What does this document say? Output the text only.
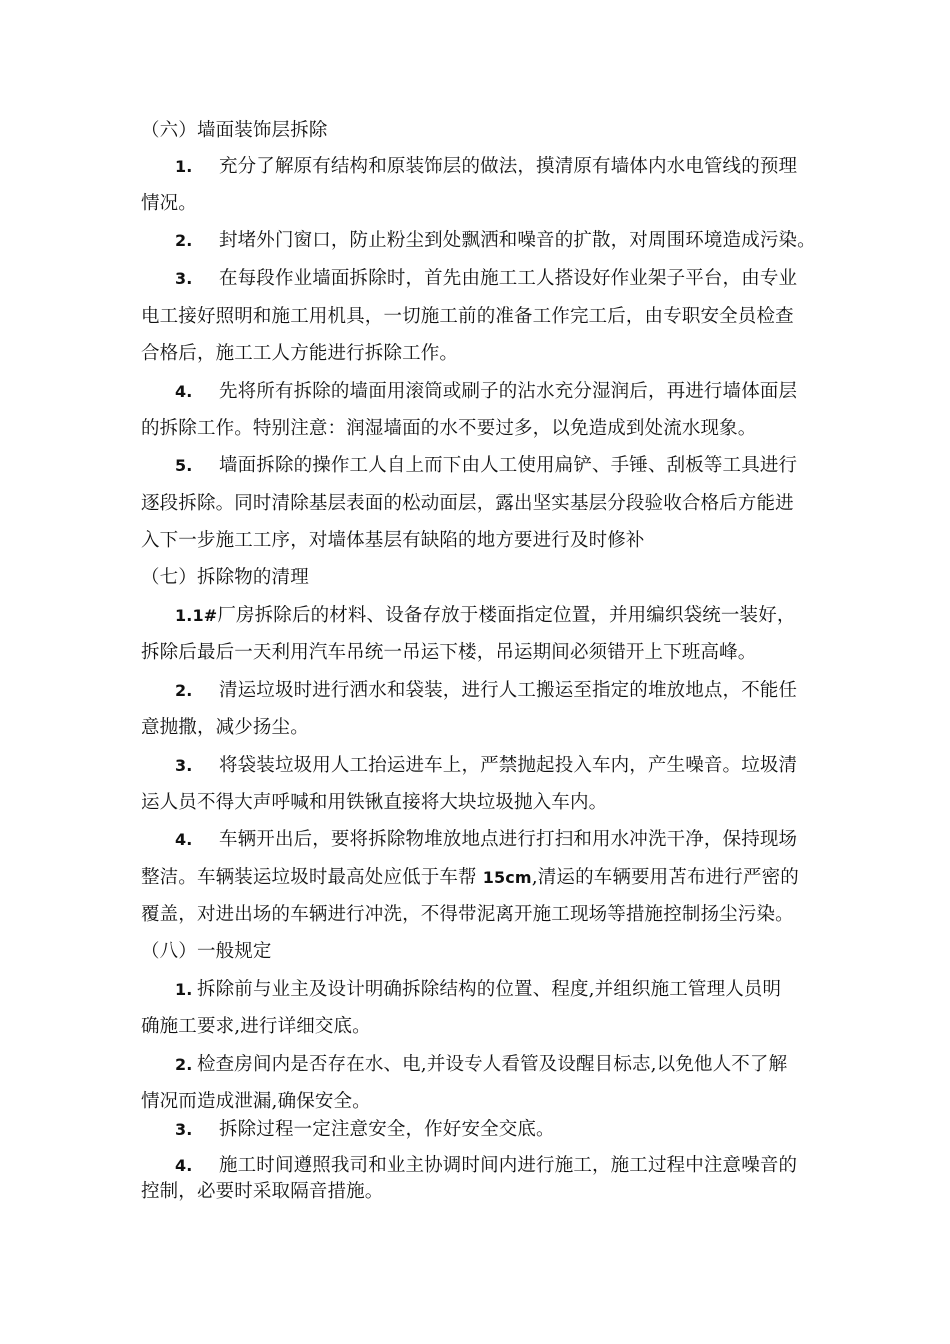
（六）墙面装饰层拆除
1. 充分了解原有结构和原装饰层的做法，摸清原有墙体内水电管线的预理
情况。
2. 封堵外门窗口，防止粉尘到处飘洒和噪音的扩散，对周围环境造成污染。
3. 在每段作业墙面拆除时，首先由施工工人搭设好作业架子平台，由专业
电工接好照明和施工用机具，一切施工前的准备工作完工后，由专职安全员检查
合格后，施工工人方能进行拆除工作。
4. 先将所有拆除的墙面用滚筒或刷子的沾水充分湿润后，再进行墙体面层
的拆除工作。特别注意：润湿墙面的水不要过多，以免造成到处流水现象。
5. 墙面拆除的操作工人自上而下由人工使用扁铲、手锤、刮板等工具进行
逐段拆除。同时清除基层表面的松动面层，露出坚实基层分段验收合格后方能进
入下一步施工工序，对墙体基层有缺陷的地方要进行及时修补
（七）拆除物的清理
1.1#厂房拆除后的材料、设备存放于楼面指定位置，并用编织袋统一装好，
拆除后最后一天利用汽车吊统一吊运下楼，吊运期间必须错开上下班高峰。
2. 清运垃圾时进行洒水和袋装，进行人工搬运至指定的堆放地点，不能任
意抛撒，减少扬尘。
3. 将袋装垃圾用人工抬运进车上，严禁抛起投入车内，产生噪音。垃圾清
运人员不得大声呼喊和用铁锹直接将大块垃圾抛入车内。
4. 车辆开出后，要将拆除物堆放地点进行打扫和用水冲洗干净，保持现场
整洁。车辆装运垃圾时最高处应低于车帮 15cm,清运的车辆要用苫布进行严密的
覆盖，对进出场的车辆进行冲洗，不得带泥离开施工现场等措施控制扬尘污染。
（八）一般规定
1. 拆除前与业主及设计明确拆除结构的位置、程度,并组织施工管理人员明
确施工要求,进行详细交底。
2. 检查房间内是否存在水、电,并设专人看管及设醒目标志,以免他人不了解
情况而造成泄漏,确保安全。
3. 拆除过程一定注意安全，作好安全交底。
4. 施工时间遵照我司和业主协调时间内进行施工，施工过程中注意噪音的
控制，必要时采取隔音措施。
